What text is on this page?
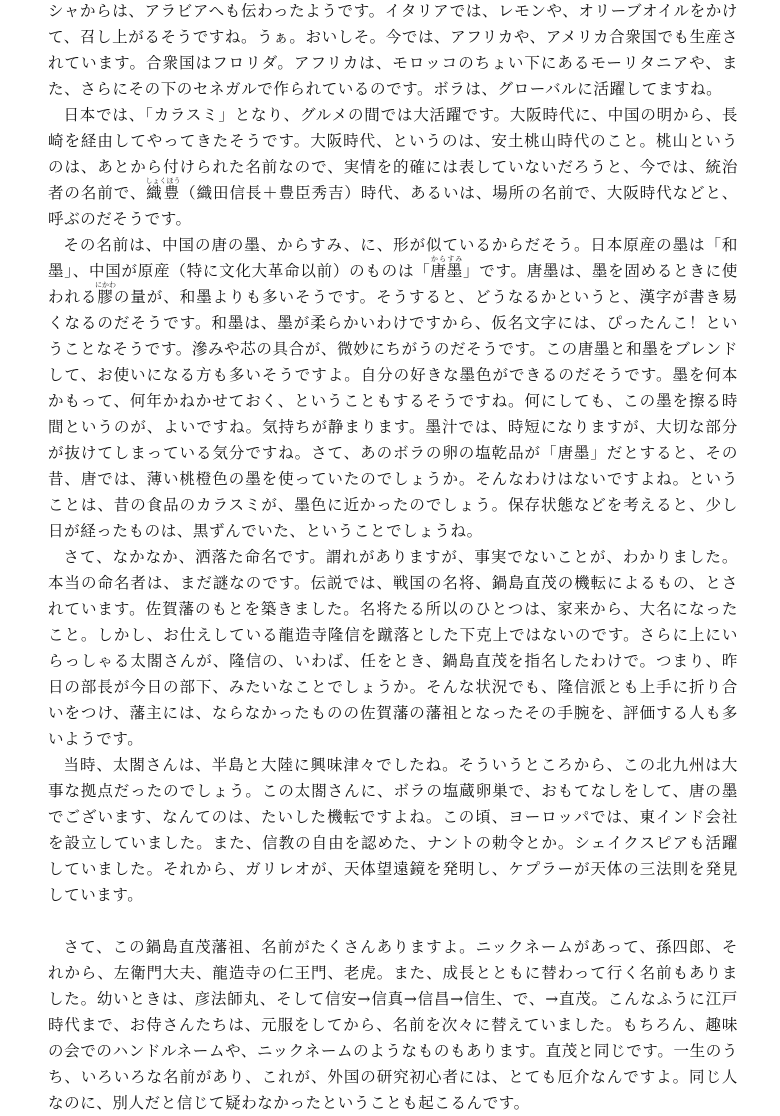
シャからは、アラビアへも伝わったようです。イタリアでは、レモンや、オリーブオイルをかけて、召し上がるそうですね。うぁ。おいしそ。今では、アフリカや、アメリカ合衆国でも生産されています。合衆国はフロリダ。アフリカは、モロッコのちょい下にあるモーリタニアや、また、さらにその下のセネガルで作られているのです。ボラは、グローバルに活躍してますね。

日本では、「カラスミ」となり、グルメの間では大活躍です。大阪時代に、中国の明から、長崎を経由してやってきたそうです。大阪時代、というのは、安土桃山時代のこと。桃山というのは、あとから付けられた名前なので、実情を的確には表していないだろうと、今では、統治者の名前で、織豊しょくほう（織田信長＋豊臣秀吉）時代、あるいは、場所の名前で、大阪時代などと、呼ぶのだそうです。

その名前は、中国の唐の墨、からすみ、に、形が似ているからだそう。日本原産の墨は「和墨」、中国が原産（特に文化大革命以前）のものは「唐墨からすみ」です。唐墨は、墨を固めるときに使われる膠にかわの量が、和墨よりも多いそうです。そうすると、どうなるかというと、漢字が書き易くなるのだそうです。和墨は、墨が柔らかいわけですから、仮名文字には、ぴったんこ！ということなそうです。滲みや芯の具合が、微妙にちがうのだそうです。この唐墨と和墨をブレンドして、お使いになる方も多いそうですよ。自分の好きな墨色ができるのだそうです。墨を何本かもって、何年かねかせておく、ということもするそうですね。何にしても、この墨を擦る時間というのが、よいですね。気持ちが静まります。墨汁では、時短になりますが、大切な部分が抜けてしまっている気分ですね。さて、あのボラの卵の塩乾品が「唐墨」だとすると、その昔、唐では、薄い桃橙色の墨を使っていたのでしょうか。そんなわけはないですよね。ということは、昔の食品のカラスミが、墨色に近かったのでしょう。保存状態などを考えると、少し日が経ったものは、黒ずんでいた、ということでしょうね。

さて、なかなか、洒落た命名です。謂れがありますが、事実でないことが、わかりました。本当の命名者は、まだ謎なのです。伝説では、戦国の名将、鍋島直茂の機転によるもの、とされています。佐賀藩のもとを築きました。名将たる所以のひとつは、家来から、大名になったこと。しかし、お仕えしている龍造寺隆信を蹴落とした下克上ではないのです。さらに上にいらっしゃる太閤さんが、隆信の、いわば、任をとき、鍋島直茂を指名したわけで。つまり、昨日の部長が今日の部下、みたいなことでしょうか。そんな状況でも、隆信派とも上手に折り合いをつけ、藩主には、ならなかったものの佐賀藩の藩祖となったその手腕を、評価する人も多いようです。

当時、太閤さんは、半島と大陸に興味津々でしたね。そういうところから、この北九州は大事な拠点だったのでしょう。この太閤さんに、ボラの塩蔵卵巣で、おもてなしをして、唐の墨でございます、なんてのは、たいした機転ですよね。この頃、ヨーロッパでは、東インド会社を設立していました。また、信教の自由を認めた、ナントの勅令とか。シェイクスピアも活躍していました。それから、ガリレオが、天体望遠鏡を発明し、ケプラーが天体の三法則を発見しています。

さて、この鍋島直茂藩祖、名前がたくさんありますよ。ニックネームがあって、孫四郎、それから、左衛門大夫、龍造寺の仁王門、老虎。また、成長とともに替わって行く名前もありました。幼いときは、彦法師丸、そして信安→信真→信昌→信生、で、→直茂。こんなふうに江戸時代まで、お侍さんたちは、元服をしてから、名前を次々に替えていました。もちろん、趣味の会でのハンドルネームや、ニックネームのようなものもあります。直茂と同じです。一生のうち、いろいろな名前があり、これが、外国の研究初心者には、とても厄介なんですよ。同じ人なのに、別人だと信じて疑わなかったということも起こるんです。
